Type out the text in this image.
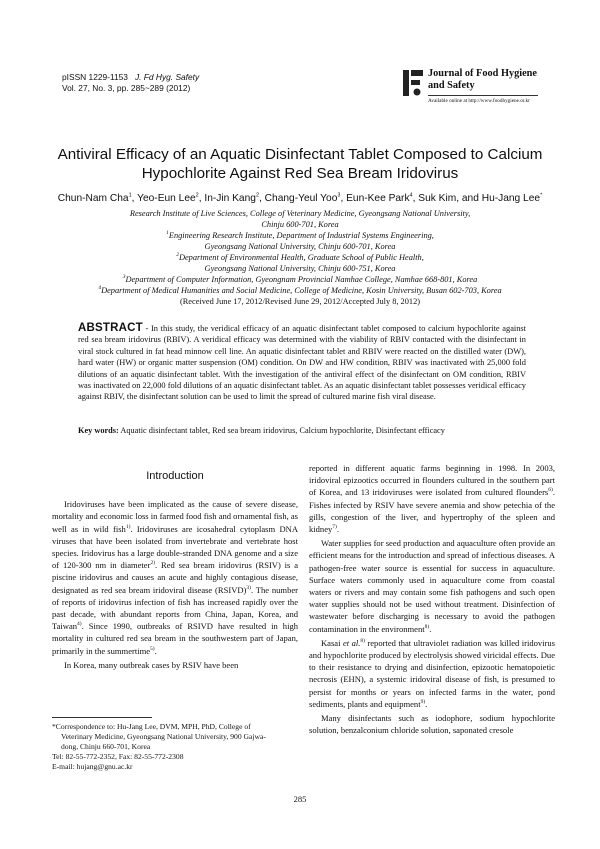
pISSN 1229-1153 J. Fd Hyg. Safety
Vol. 27, No. 3, pp. 285~289 (2012)
Journal of Food Hygiene
and Safety
Available online at http://www.foodhygiene.or.kr
Antiviral Efficacy of an Aquatic Disinfectant Tablet Composed to Calcium
Hypochlorite Against Red Sea Bream Iridovirus
Chun-Nam Cha$^1$, Yeo-Eun Lee$^2$, In-Jin Kang$^2$, Chang-Yeul Yoo$^3$, Eun-Kee Park$^4$, Suk Kim, and Hu-Jang Lee*
Research Institute of Live Sciences, College of Veterinary Medicine, Gyeongsang National University,
Chinju 600-701, Korea
$^1$Engineering Research Institute, Department of Industrial Systems Engineering,
Gyeongsang National University, Chinju 600-701, Korea
$^2$Department of Environmental Health, Graduate School of Public Health,
Gyeongsang National University, Chinju 600-751, Korea
$^3$Department of Computer Information, Gyeongnam Provincial Namhae College, Namhae 668-801, Korea
$^4$Department of Medical Humanities and Social Medicine, College of Medicine, Kosin University, Busan 602-703, Korea
(Received June 17, 2012/Revised June 29, 2012/Accepted July 8, 2012)
ABSTRACT - In this study, the veridical efficacy of an aquatic disinfectant tablet composed to calcium hypochlorite against red sea bream iridovirus (RBIV). A veridical efficacy was determined with the viability of RBIV contacted with the disinfectant in viral stock cultured in fat head minnow cell line. An aquatic disinfectant tablet and RBIV were reacted on the distilled water (DW), hard water (HW) or organic matter suspension (OM) condition. On DW and HW condition, RBIV was inactivated with 25,000 fold dilutions of an aquatic disinfectant tablet. With the investigation of the antiviral effect of the disinfectant on OM condition, RBIV was inactivated on 22,000 fold dilutions of an aquatic disinfectant tablet. As an aquatic disinfectant tablet possesses veridical efficacy against RBIV, the disinfectant solution can be used to limit the spread of cultured marine fish viral disease.
Key words: Aquatic disinfectant tablet, Red sea bream iridovirus, Calcium hypochlorite, Disinfectant efficacy

Introduction

Iridoviruses have been implicated as the cause of severe disease, mortality and economic loss in farmed food fish and ornamental fish, as well as in wild fish$^{1)}$. Iridoviruses are icosahedral cytoplasm DNA viruses that have been isolated from invertebrate and vertebrate host species. Iridovirus has a large double-stranded DNA genome and a size of 120-300 nm in diameter$^{2)}$. Red sea bream iridovirus (RSIV) is a piscine iridovirus and causes an acute and highly contagious disease, designated as red sea bream iridoviral disease (RSIVD)$^{3)}$. The number of reports of iridovirus infection of fish has increased rapidly over the past decade, with abundant reports from China, Japan, Korea, and Taiwan$^{4)}$. Since 1990, outbreaks of RSIVD have resulted in high mortality in cultured red sea bream in the southwestern part of Japan, primarily in the summertime$^{5)}$.

In Korea, many outbreak cases by RSIV have been

reported in different aquatic farms beginning in 1998. In 2003, iridoviral epizootics occurred in flounders cultured in the southern part of Korea, and 13 iridoviruses were isolated from cultured flounders$^{6)}$. Fishes infected by RSIV have severe anemia and show petechia of the gills, congestion of the liver, and hypertrophy of the spleen and kidney$^{7)}$.

Water supplies for seed production and aquaculture often provide an efficient means for the introduction and spread of infectious diseases. A pathogen-free water source is essential for success in aquaculture. Surface waters commonly used in aquaculture come from coastal waters or rivers and may contain some fish pathogens and such open water supplies should not be used without treatment. Disinfection of wastewater before discharging is necessary to avoid the pathogen contamination in the environment$^{8)}$.

Kasai et al.$^{8)}$ reported that ultraviolet radiation was killed iridovirus and hypochlorite produced by electrolysis showed viricidal effects. Due to their resistance to drying and disinfection, epizootic hematopoietic necrosis (EHN), a systemic iridoviral disease of fish, is presumed to persist for months or years on infected farms in the water, pond sediments, plants and equipment$^{9)}$.

Many disinfectants such as iodophore, sodium hypochlorite solution, benzalconium chloride solution, saponated cresole

*Correspondence to: Hu-Jang Lee, DVM, MPH, PhD, College of
Veterinary Medicine, Gyeongsang National University, 900 Gajwa-
dong, Chinju 660-701, Korea
Tel: 82-55-772-2352, Fax: 82-55-772-2308
E-mail: hujang@gnu.ac.kr
285
